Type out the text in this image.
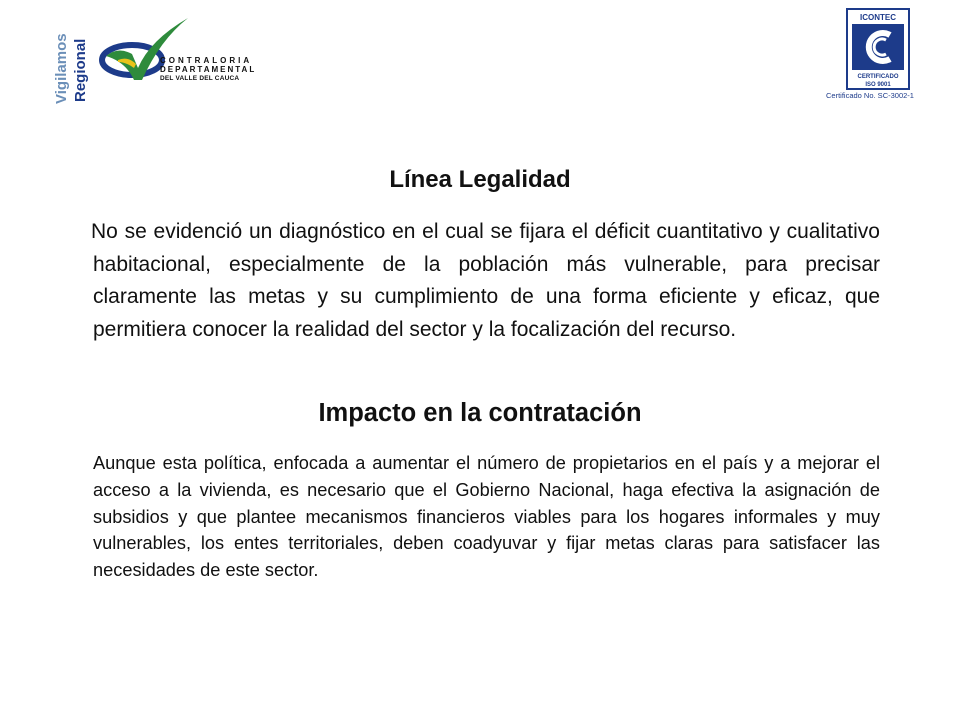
Vigilamos Regional	CONTRALORIA
DEPARTAMENTAL
DEL VALLE DEL CAUCA
ICONTEC
CERTIFICADO
ISO 9001
Certificado No. SC-3002-1
Línea Legalidad
No se evidenció un diagnóstico en el cual se fijara el déficit cuantitativo y cualitativo habitacional, especialmente de la población más vulnerable, para precisar claramente las metas y su cumplimiento de una forma eficiente y eficaz, que permitiera conocer la realidad del sector y la focalización del recurso.
Impacto en la contratación
Aunque esta política, enfocada a aumentar el número de propietarios en el país y a mejorar el acceso a la vivienda, es necesario que el Gobierno Nacional, haga efectiva la asignación de subsidios y que plantee mecanismos financieros viables para los hogares informales y muy vulnerables, los entes territoriales, deben coadyuvar y fijar metas claras para satisfacer las necesidades de este sector.
